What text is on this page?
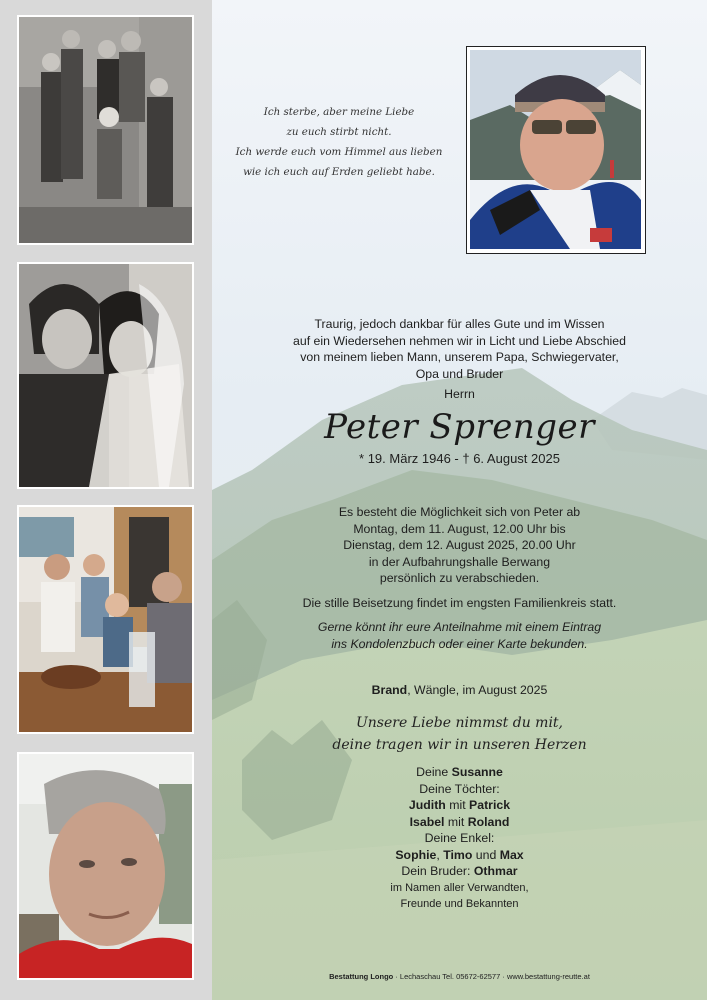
Ich sterbe, aber meine Liebe
zu euch stirbt nicht.
Ich werde euch vom Himmel aus lieben
wie ich euch auf Erden geliebt habe.
Traurig, jedoch dankbar für alles Gute und im Wissen
auf ein Wiedersehen nehmen wir in Licht und Liebe Abschied
von meinem lieben Mann, unserem Papa, Schwiegervater,
Opa und Bruder
Herrn
Peter Sprenger
* 19. März 1946 - † 6. August 2025
Es besteht die Möglichkeit sich von Peter ab
Montag, dem 11. August, 12.00 Uhr bis
Dienstag, dem 12. August 2025, 20.00 Uhr
in der Aufbahrungshalle Berwang
persönlich zu verabschieden.
Die stille Beisetzung findet im engsten Familienkreis statt.
Gerne könnt ihr eure Anteilnahme mit einem Eintrag
ins Kondolenzbuch oder einer Karte bekunden.
Brand, Wängle, im August 2025
Unsere Liebe nimmst du mit,
deine tragen wir in unseren Herzen
Deine Susanne
Deine Töchter:
Judith mit Patrick
Isabel mit Roland
Deine Enkel:
Sophie, Timo und Max
Dein Bruder: Othmar
im Namen aller Verwandten,
Freunde und Bekannten
Bestattung Longo · Lechaschau Tel. 05672-62577 · www.bestattung-reutte.at
